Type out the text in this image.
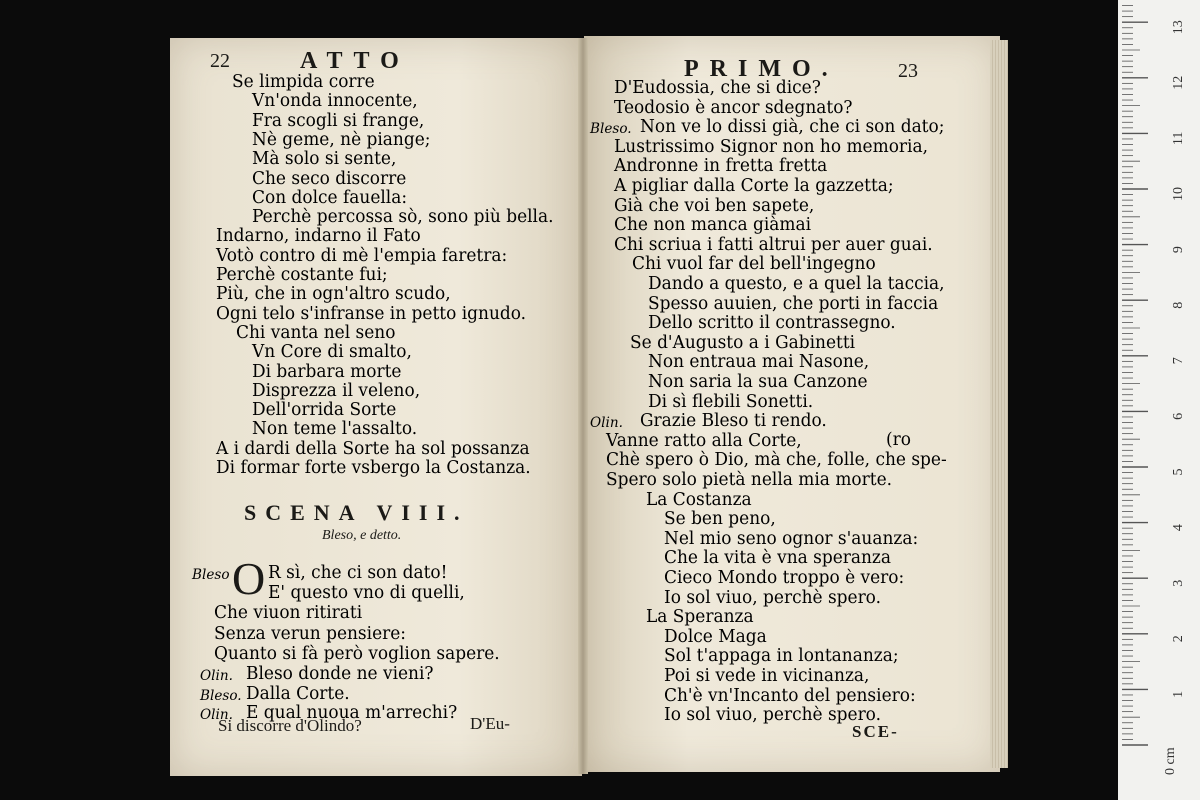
22	ATTO	PRIMO.	23
SCENA VIII.
Bleso, e detto.
Bleso O R sì, che ci son dato!
E' questo vno di quelli,
Si discorre d'Olindo?	D'Eu-
(ro
SCE-
0 cm
1
2
3
4
5
6
7
8
9
10
11
12
13
Se limpida corre
Vn'onda innocente,
Fra scogli si frange,
Nè geme, nè piange;
Mà solo si sente,
Che seco discorre
Con dolce fauella:
Perchè percossa sò, sono più bella.
Indarno, indarno il Fato
Votò contro di mè l'empia faretra:
Perchè costante fui;
Più, che in ogn'altro scudo,
Ogni telo s'infranse in petto ignudo.
Chi vanta nel seno
Vn Core di smalto,
Di barbara morte
Disprezza il veleno,
Dell'orrida Sorte
Non teme l'assalto.
A i dardi della Sorte ha sol possanza
Di formar forte vsbergo la Costanza.
Che viuon ritirati
Senza verun pensiere:
Quanto si fà però voglion sapere.
Olin. Bleso donde ne vieni?
Bleso. Dalla Corte.
Olin. E qual nuoua m'arrechi?
D'Eudossia, che si dice?
Teodosio è ancor sdegnato?
Bleso. Non ve lo dissi già, che ci son dato;
Lustrissimo Signor non ho memoria,
Andronne in fretta fretta
A pigliar dalla Corte la gazzetta;
Già che voi ben sapete,
Che non manca giàmai
Chi scriua i fatti altrui per auer guai.
Chi vuol far del bell'ingegno
Dando a questo, e a quel la taccia,
Spesso auuien, che porti in faccia
Dello scritto il contrassegno.
Se d'Augusto a i Gabinetti
Non entraua mai Nasone,
Non saria la sua Canzone
Di sì flebili Sonetti.
Olin. Grazie Bleso ti rendo.
Vanne ratto alla Corte,
Chè spero ò Dio, mà che, folle, che spe-
Spero solo pietà nella mia morte.
La Costanza
Se ben peno,
Nel mio seno ognor s'auanza:
Che la vita è vna speranza
Cieco Mondo troppo è vero:
Io sol viuo, perchè spero.
La Speranza
Dolce Maga
Sol t'appaga in lontananza;
Poi si vede in vicinanza,
Ch'è vn'Incanto del pensiero:
Io sol viuo, perchè spero.
